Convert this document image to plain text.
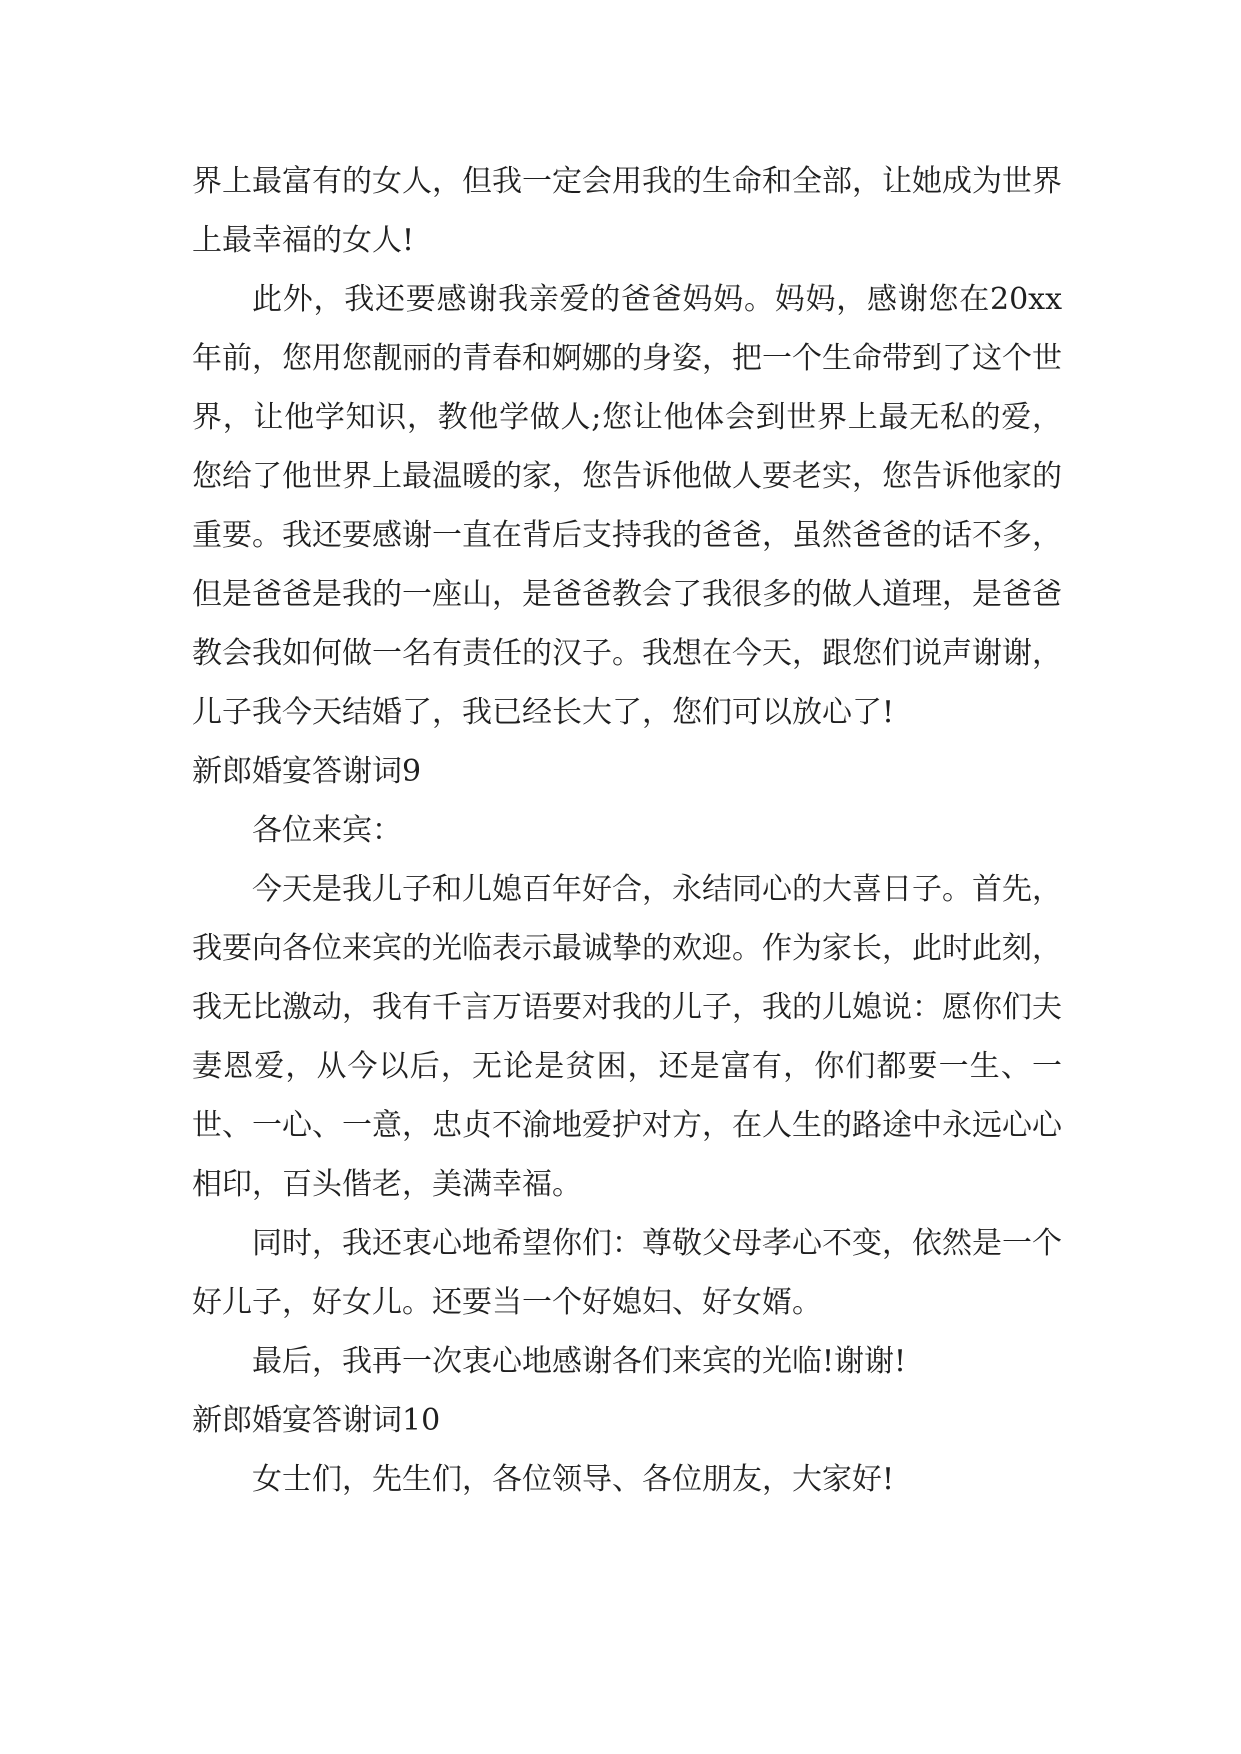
界上最富有的女人，但我一定会用我的生命和全部，让她成为世界上最幸福的女人!

此外，我还要感谢我亲爱的爸爸妈妈。妈妈，感谢您在20xx 年前，您用您靓丽的青春和婀娜的身姿，把一个生命带到了这个世界，让他学知识，教他学做人;您让他体会到世界上最无私的爱，您给了他世界上最温暖的家，您告诉他做人要老实，您告诉他家的重要。我还要感谢一直在背后支持我的爸爸，虽然爸爸的话不多，但是爸爸是我的一座山，是爸爸教会了我很多的做人道理，是爸爸教会我如何做一名有责任的汉子。我想在今天，跟您们说声谢谢，儿子我今天结婚了，我已经长大了，您们可以放心了!

新郎婚宴答谢词9

各位来宾：

今天是我儿子和儿媳百年好合，永结同心的大喜日子。首先，我要向各位来宾的光临表示最诚挚的欢迎。作为家长，此时此刻，我无比激动，我有千言万语要对我的儿子，我的儿媳说：愿你们夫妻恩爱，从今以后，无论是贫困，还是富有，你们都要一生、一世、一心、一意，忠贞不渝地爱护对方，在人生的路途中永远心心相印，百头偕老，美满幸福。

同时，我还衷心地希望你们：尊敬父母孝心不变，依然是一个好儿子，好女儿。还要当一个好媳妇、好女婿。

最后，我再一次衷心地感谢各们来宾的光临!谢谢!

新郎婚宴答谢词10

女士们，先生们，各位领导、各位朋友，大家好!
